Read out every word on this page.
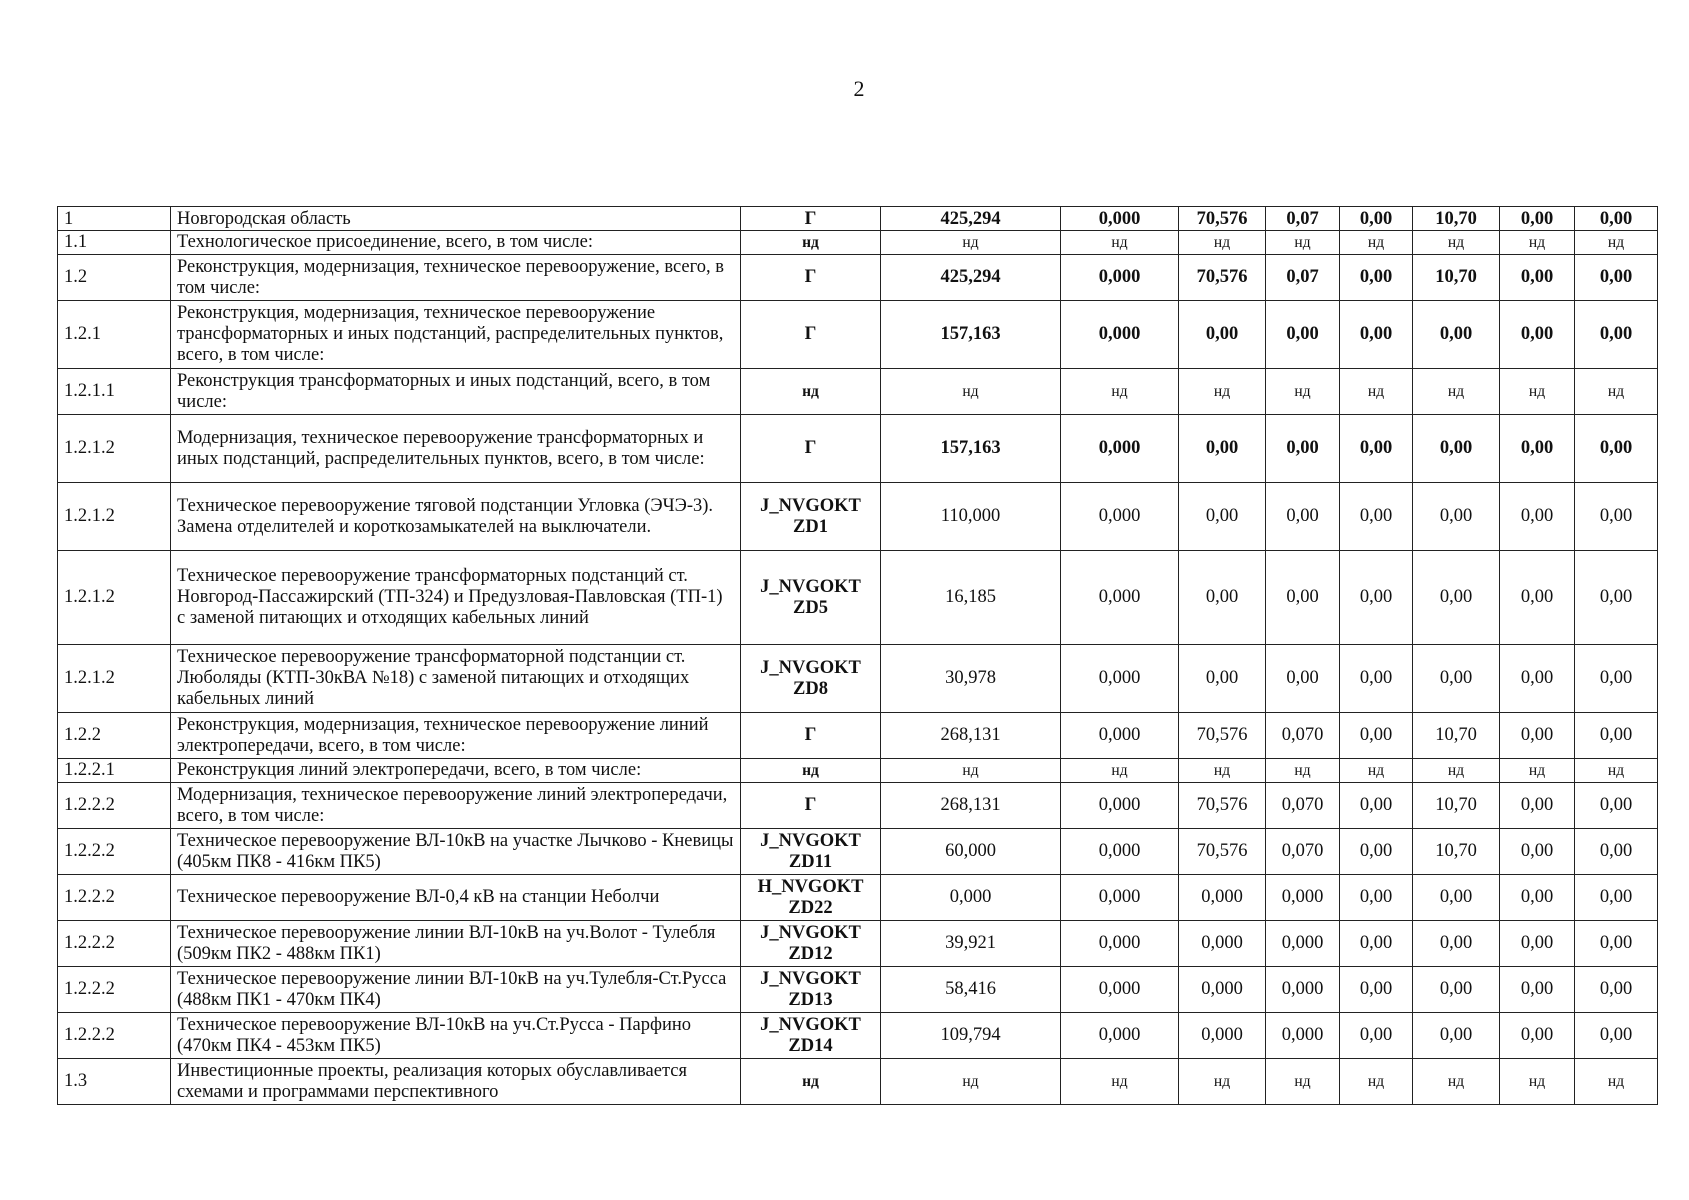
2
1	Новгородская область	Г	425,294	0,000	70,576	0,07	0,00	10,70	0,00	0,00
1.1	Технологическое присоединение, всего, в том числе:	нд	нд	нд	нд	нд	нд	нд	нд	нд
1.2	Реконструкция, модернизация, техническое перевооружение, всего, в том числе:	Г	425,294	0,000	70,576	0,07	0,00	10,70	0,00	0,00
1.2.1	Реконструкция, модернизация, техническое перевооружение трансформаторных и иных подстанций, распределительных пунктов, всего, в том числе:	Г	157,163	0,000	0,00	0,00	0,00	0,00	0,00	0,00
1.2.1.1	Реконструкция трансформаторных и иных подстанций, всего, в том числе:	нд	нд	нд	нд	нд	нд	нд	нд	нд
1.2.1.2	Модернизация, техническое перевооружение трансформаторных и иных подстанций, распределительных пунктов, всего, в том числе:	Г	157,163	0,000	0,00	0,00	0,00	0,00	0,00	0,00
1.2.1.2	Техническое перевооружение тяговой подстанции Угловка (ЭЧЭ-3). Замена отделителей и короткозамыкателей на выключатели.	J_NVGOKT ZD1	110,000	0,000	0,00	0,00	0,00	0,00	0,00	0,00
1.2.1.2	Техническое перевооружение трансформаторных подстанций ст. Новгород-Пассажирский (ТП-324) и Предузловая-Павловская (ТП-1) с заменой питающих и отходящих кабельных линий	J_NVGOKT ZD5	16,185	0,000	0,00	0,00	0,00	0,00	0,00	0,00
1.2.1.2	Техническое перевооружение трансформаторной подстанции ст. Люболяды (КТП-30кВА №18) с заменой питающих и отходящих кабельных линий	J_NVGOKT ZD8	30,978	0,000	0,00	0,00	0,00	0,00	0,00	0,00
1.2.2	Реконструкция, модернизация, техническое перевооружение линий электропередачи, всего, в том числе:	Г	268,131	0,000	70,576	0,070	0,00	10,70	0,00	0,00
1.2.2.1	Реконструкция линий электропередачи, всего, в том числе:	нд	нд	нд	нд	нд	нд	нд	нд	нд
1.2.2.2	Модернизация, техническое перевооружение линий электропередачи, всего, в том числе:	Г	268,131	0,000	70,576	0,070	0,00	10,70	0,00	0,00
1.2.2.2	Техническое перевооружение ВЛ-10кВ на участке Лычково - Кневицы (405км ПК8 - 416км ПК5)	J_NVGOKT ZD11	60,000	0,000	70,576	0,070	0,00	10,70	0,00	0,00
1.2.2.2	Техническое перевооружение ВЛ-0,4 кВ на станции Неболчи	H_NVGOKT ZD22	0,000	0,000	0,000	0,000	0,00	0,00	0,00	0,00
1.2.2.2	Техническое перевооружение линии ВЛ-10кВ на уч.Волот - Тулебля (509км ПК2 - 488км ПК1)	J_NVGOKT ZD12	39,921	0,000	0,000	0,000	0,00	0,00	0,00	0,00
1.2.2.2	Техническое перевооружение линии ВЛ-10кВ на уч.Тулебля-Ст.Русса (488км ПК1 - 470км ПК4)	J_NVGOKT ZD13	58,416	0,000	0,000	0,000	0,00	0,00	0,00	0,00
1.2.2.2	Техническое перевооружение ВЛ-10кВ на уч.Ст.Русса - Парфино (470км ПК4 - 453км ПК5)	J_NVGOKT ZD14	109,794	0,000	0,000	0,000	0,00	0,00	0,00	0,00
1.3	Инвестиционные проекты, реализация которых обуславливается схемами и программами перспективного	нд	нд	нд	нд	нд	нд	нд	нд	нд
